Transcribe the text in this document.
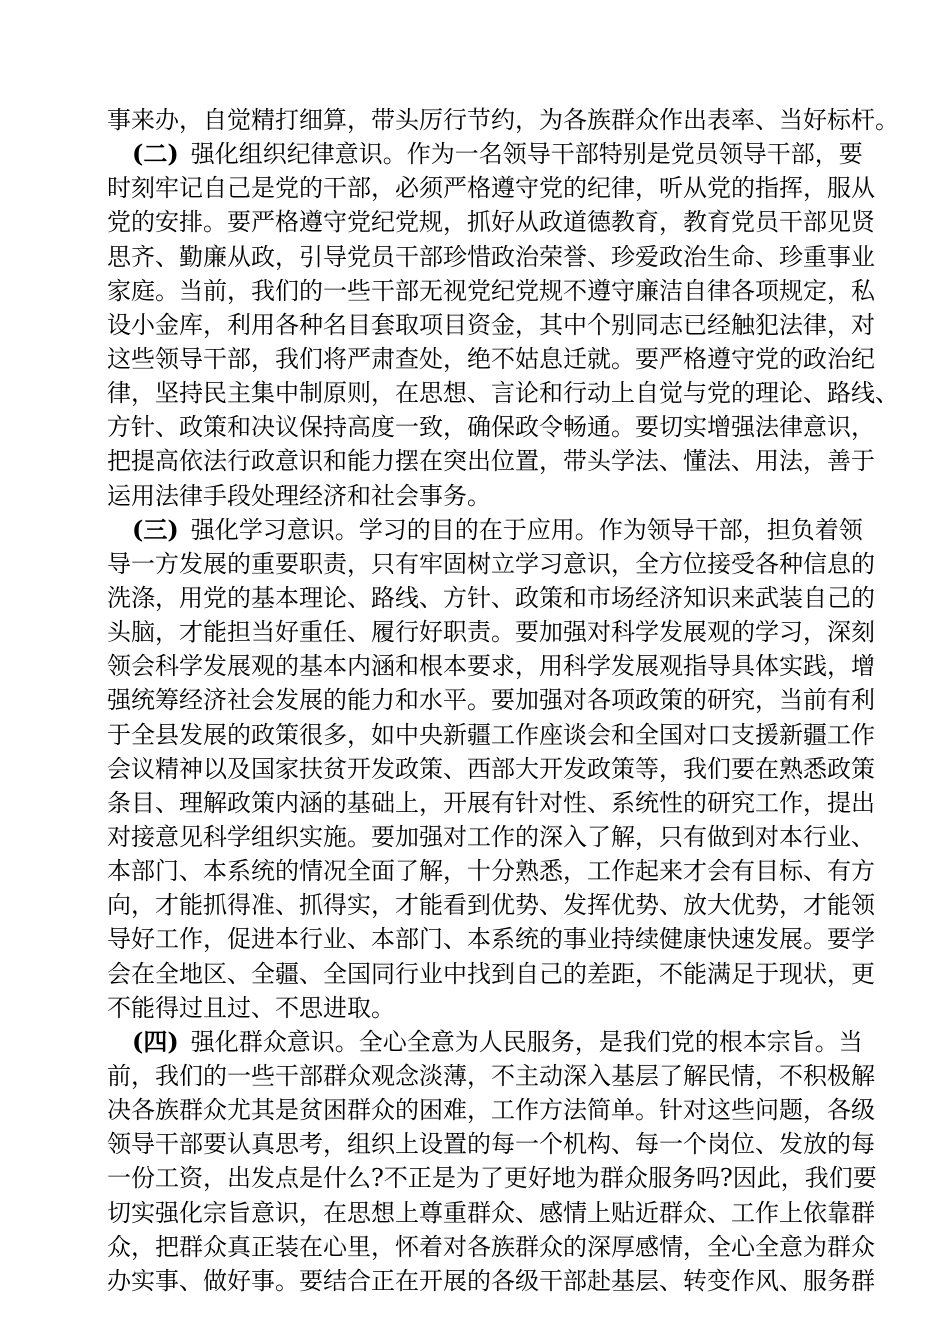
事来办，自觉精打细算，带头厉行节约，为各族群众作出表率、当好标杆。
(二) 强化组织纪律意识。作为一名领导干部特别是党员领导干部，要
时刻牢记自己是党的干部，必须严格遵守党的纪律，听从党的指挥，服从
党的安排。要严格遵守党纪党规，抓好从政道德教育，教育党员干部见贤
思齐、勤廉从政，引导党员干部珍惜政治荣誉、珍爱政治生命、珍重事业
家庭。当前，我们的一些干部无视党纪党规不遵守廉洁自律各项规定，私
设小金库，利用各种名目套取项目资金，其中个别同志已经触犯法律，对
这些领导干部，我们将严肃查处，绝不姑息迁就。要严格遵守党的政治纪
律，坚持民主集中制原则，在思想、言论和行动上自觉与党的理论、路线、
方针、政策和决议保持高度一致，确保政令畅通。要切实增强法律意识，
把提高依法行政意识和能力摆在突出位置，带头学法、懂法、用法，善于
运用法律手段处理经济和社会事务。
(三) 强化学习意识。学习的目的在于应用。作为领导干部，担负着领
导一方发展的重要职责，只有牢固树立学习意识，全方位接受各种信息的
洗涤，用党的基本理论、路线、方针、政策和市场经济知识来武装自己的
头脑，才能担当好重任、履行好职责。要加强对科学发展观的学习，深刻
领会科学发展观的基本内涵和根本要求，用科学发展观指导具体实践，增
强统筹经济社会发展的能力和水平。要加强对各项政策的研究，当前有利
于全县发展的政策很多，如中央新疆工作座谈会和全国对口支援新疆工作
会议精神以及国家扶贫开发政策、西部大开发政策等，我们要在熟悉政策
条目、理解政策内涵的基础上，开展有针对性、系统性的研究工作，提出
对接意见科学组织实施。要加强对工作的深入了解，只有做到对本行业、
本部门、本系统的情况全面了解，十分熟悉，工作起来才会有目标、有方
向，才能抓得准、抓得实，才能看到优势、发挥优势、放大优势，才能领
导好工作，促进本行业、本部门、本系统的事业持续健康快速发展。要学
会在全地区、全疆、全国同行业中找到自己的差距，不能满足于现状，更
不能得过且过、不思进取。
(四) 强化群众意识。全心全意为人民服务，是我们党的根本宗旨。当
前，我们的一些干部群众观念淡薄，不主动深入基层了解民情，不积极解
决各族群众尤其是贫困群众的困难，工作方法简单。针对这些问题，各级
领导干部要认真思考，组织上设置的每一个机构、每一个岗位、发放的每
一份工资，出发点是什么?不正是为了更好地为群众服务吗?因此，我们要
切实强化宗旨意识，在思想上尊重群众、感情上贴近群众、工作上依靠群
众，把群众真正装在心里，怀着对各族群众的深厚感情，全心全意为群众
办实事、做好事。要结合正在开展的各级干部赴基层、转变作风、服务群
